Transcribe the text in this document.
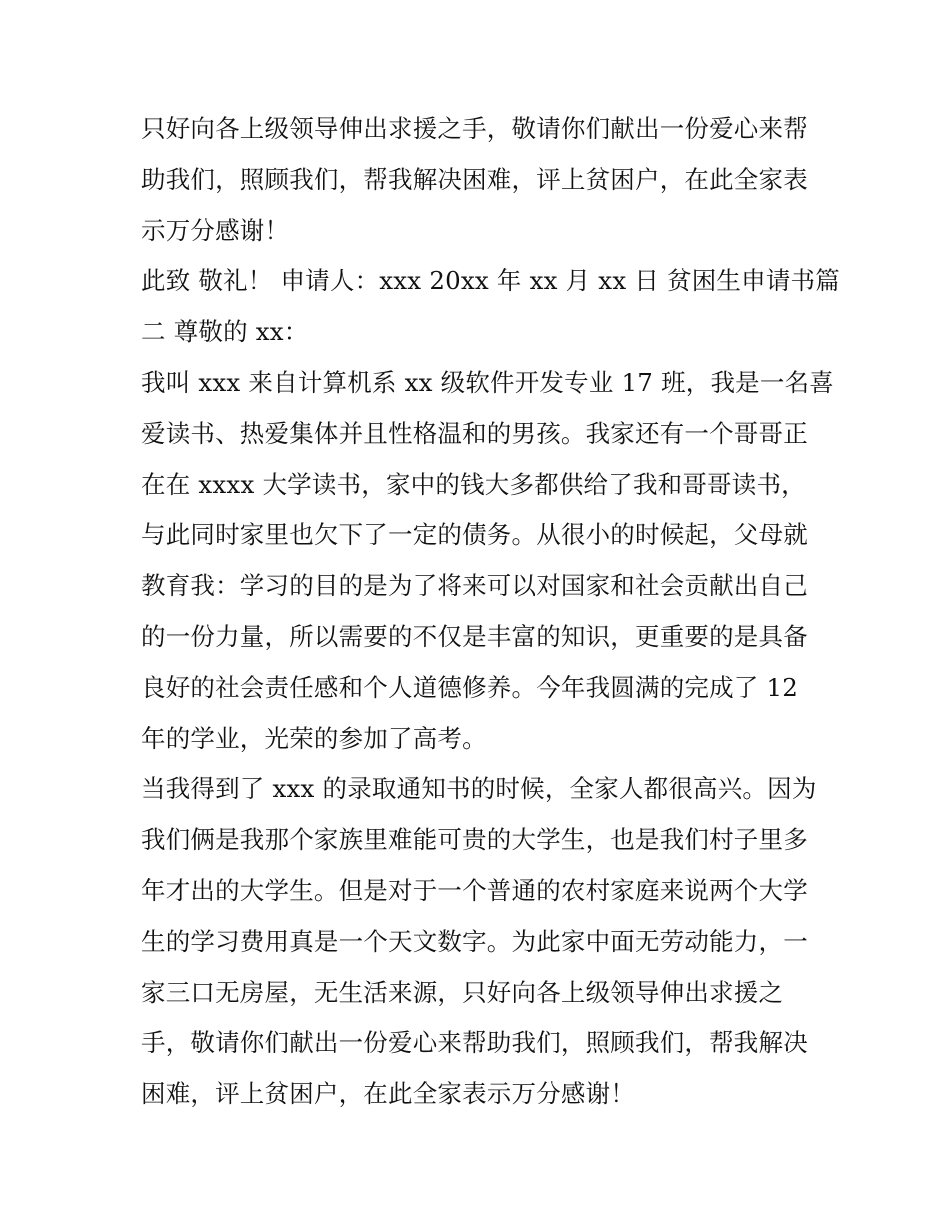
只好向各上级领导伸出求援之手，敬请你们献出一份爱心来帮
助我们，照顾我们，帮我解决困难，评上贫困户，在此全家表
示万分感谢！
此致 敬礼！ 申请人：xxx 20xx 年 xx 月 xx 日 贫困生申请书篇
二 尊敬的 xx：
我叫 xxx 来自计算机系 xx 级软件开发专业 17 班，我是一名喜
爱读书、热爱集体并且性格温和的男孩。我家还有一个哥哥正
在在 xxxx 大学读书，家中的钱大多都供给了我和哥哥读书，
与此同时家里也欠下了一定的债务。从很小的时候起，父母就
教育我：学习的目的是为了将来可以对国家和社会贡献出自己
的一份力量，所以需要的不仅是丰富的知识，更重要的是具备
良好的社会责任感和个人道德修养。今年我圆满的完成了 12
年的学业，光荣的参加了高考。
当我得到了 xxx 的录取通知书的时候，全家人都很高兴。因为
我们俩是我那个家族里难能可贵的大学生，也是我们村子里多
年才出的大学生。但是对于一个普通的农村家庭来说两个大学
生的学习费用真是一个天文数字。为此家中面无劳动能力，一
家三口无房屋，无生活来源，只好向各上级领导伸出求援之
手，敬请你们献出一份爱心来帮助我们，照顾我们，帮我解决
困难，评上贫困户，在此全家表示万分感谢！
